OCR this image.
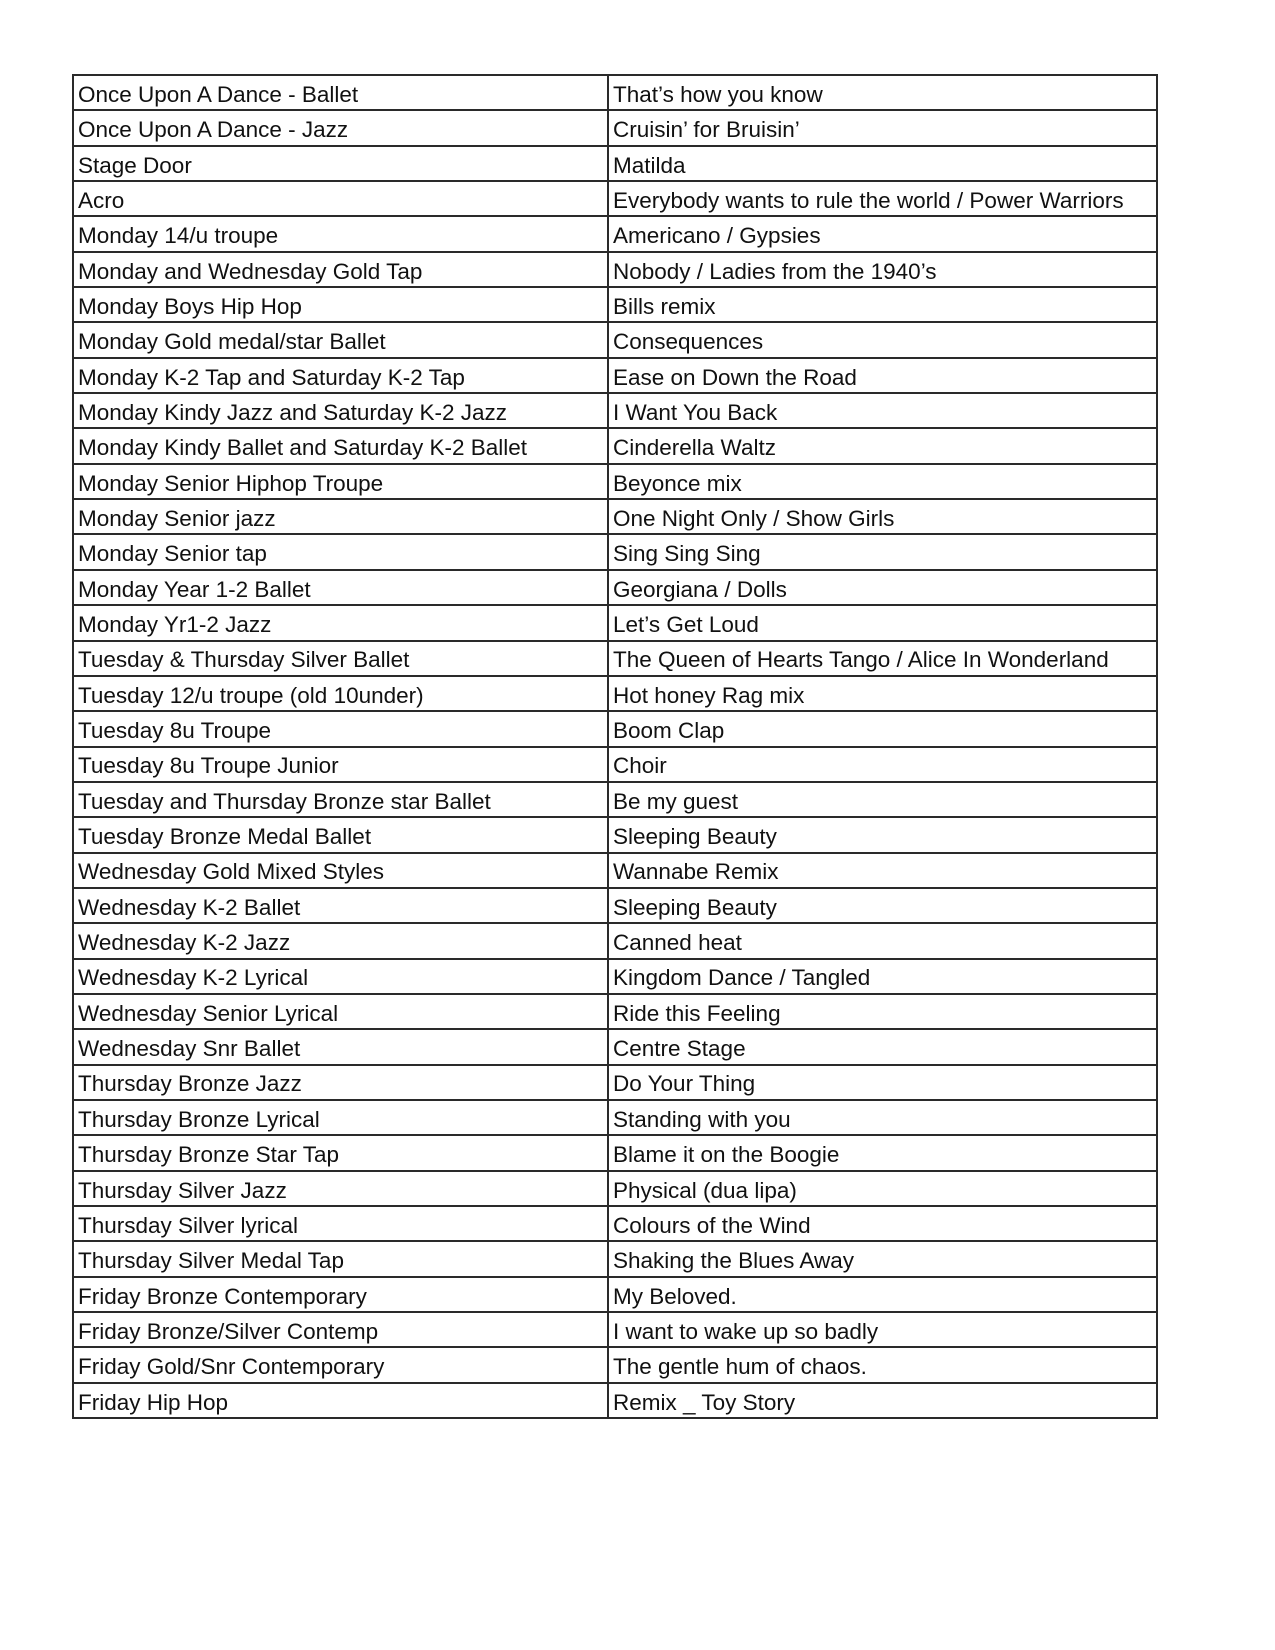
Once Upon A Dance - Ballet	That’s how you know
Once Upon A Dance - Jazz	Cruisin’ for Bruisin’
Stage Door	Matilda
Acro	Everybody wants to rule the world / Power Warriors
Monday 14/u troupe	Americano / Gypsies
Monday and Wednesday Gold Tap	Nobody / Ladies from the 1940’s
Monday Boys Hip Hop	Bills remix
Monday Gold medal/star Ballet	Consequences
Monday K-2 Tap and Saturday K-2 Tap	Ease on Down the Road
Monday Kindy Jazz and Saturday K-2 Jazz	I Want You Back
Monday Kindy Ballet and Saturday K-2 Ballet	Cinderella Waltz
Monday Senior Hiphop Troupe	Beyonce mix
Monday Senior jazz	One Night Only / Show Girls
Monday Senior tap	Sing Sing Sing
Monday Year 1-2 Ballet	Georgiana / Dolls
Monday Yr1-2 Jazz	Let’s Get Loud
Tuesday & Thursday Silver Ballet	The Queen of Hearts Tango / Alice In Wonderland
Tuesday 12/u troupe (old 10under)	Hot honey Rag mix
Tuesday 8u Troupe	Boom Clap
Tuesday 8u Troupe Junior	Choir
Tuesday and Thursday Bronze star Ballet	Be my guest
Tuesday Bronze Medal Ballet	Sleeping Beauty
Wednesday Gold Mixed Styles	Wannabe Remix
Wednesday K-2 Ballet	Sleeping Beauty
Wednesday K-2 Jazz	Canned heat
Wednesday K-2 Lyrical	Kingdom Dance / Tangled
Wednesday Senior Lyrical	Ride this Feeling
Wednesday Snr Ballet	Centre Stage
Thursday Bronze Jazz	Do Your Thing
Thursday Bronze Lyrical	Standing with you
Thursday Bronze Star Tap	Blame it on the Boogie
Thursday Silver Jazz	Physical (dua lipa)
Thursday Silver lyrical	Colours of the Wind
Thursday Silver Medal Tap	Shaking the Blues Away
Friday Bronze Contemporary	My Beloved.
Friday Bronze/Silver Contemp	I want to wake up so badly
Friday Gold/Snr Contemporary	The gentle hum of chaos.
Friday Hip Hop	Remix _ Toy Story
